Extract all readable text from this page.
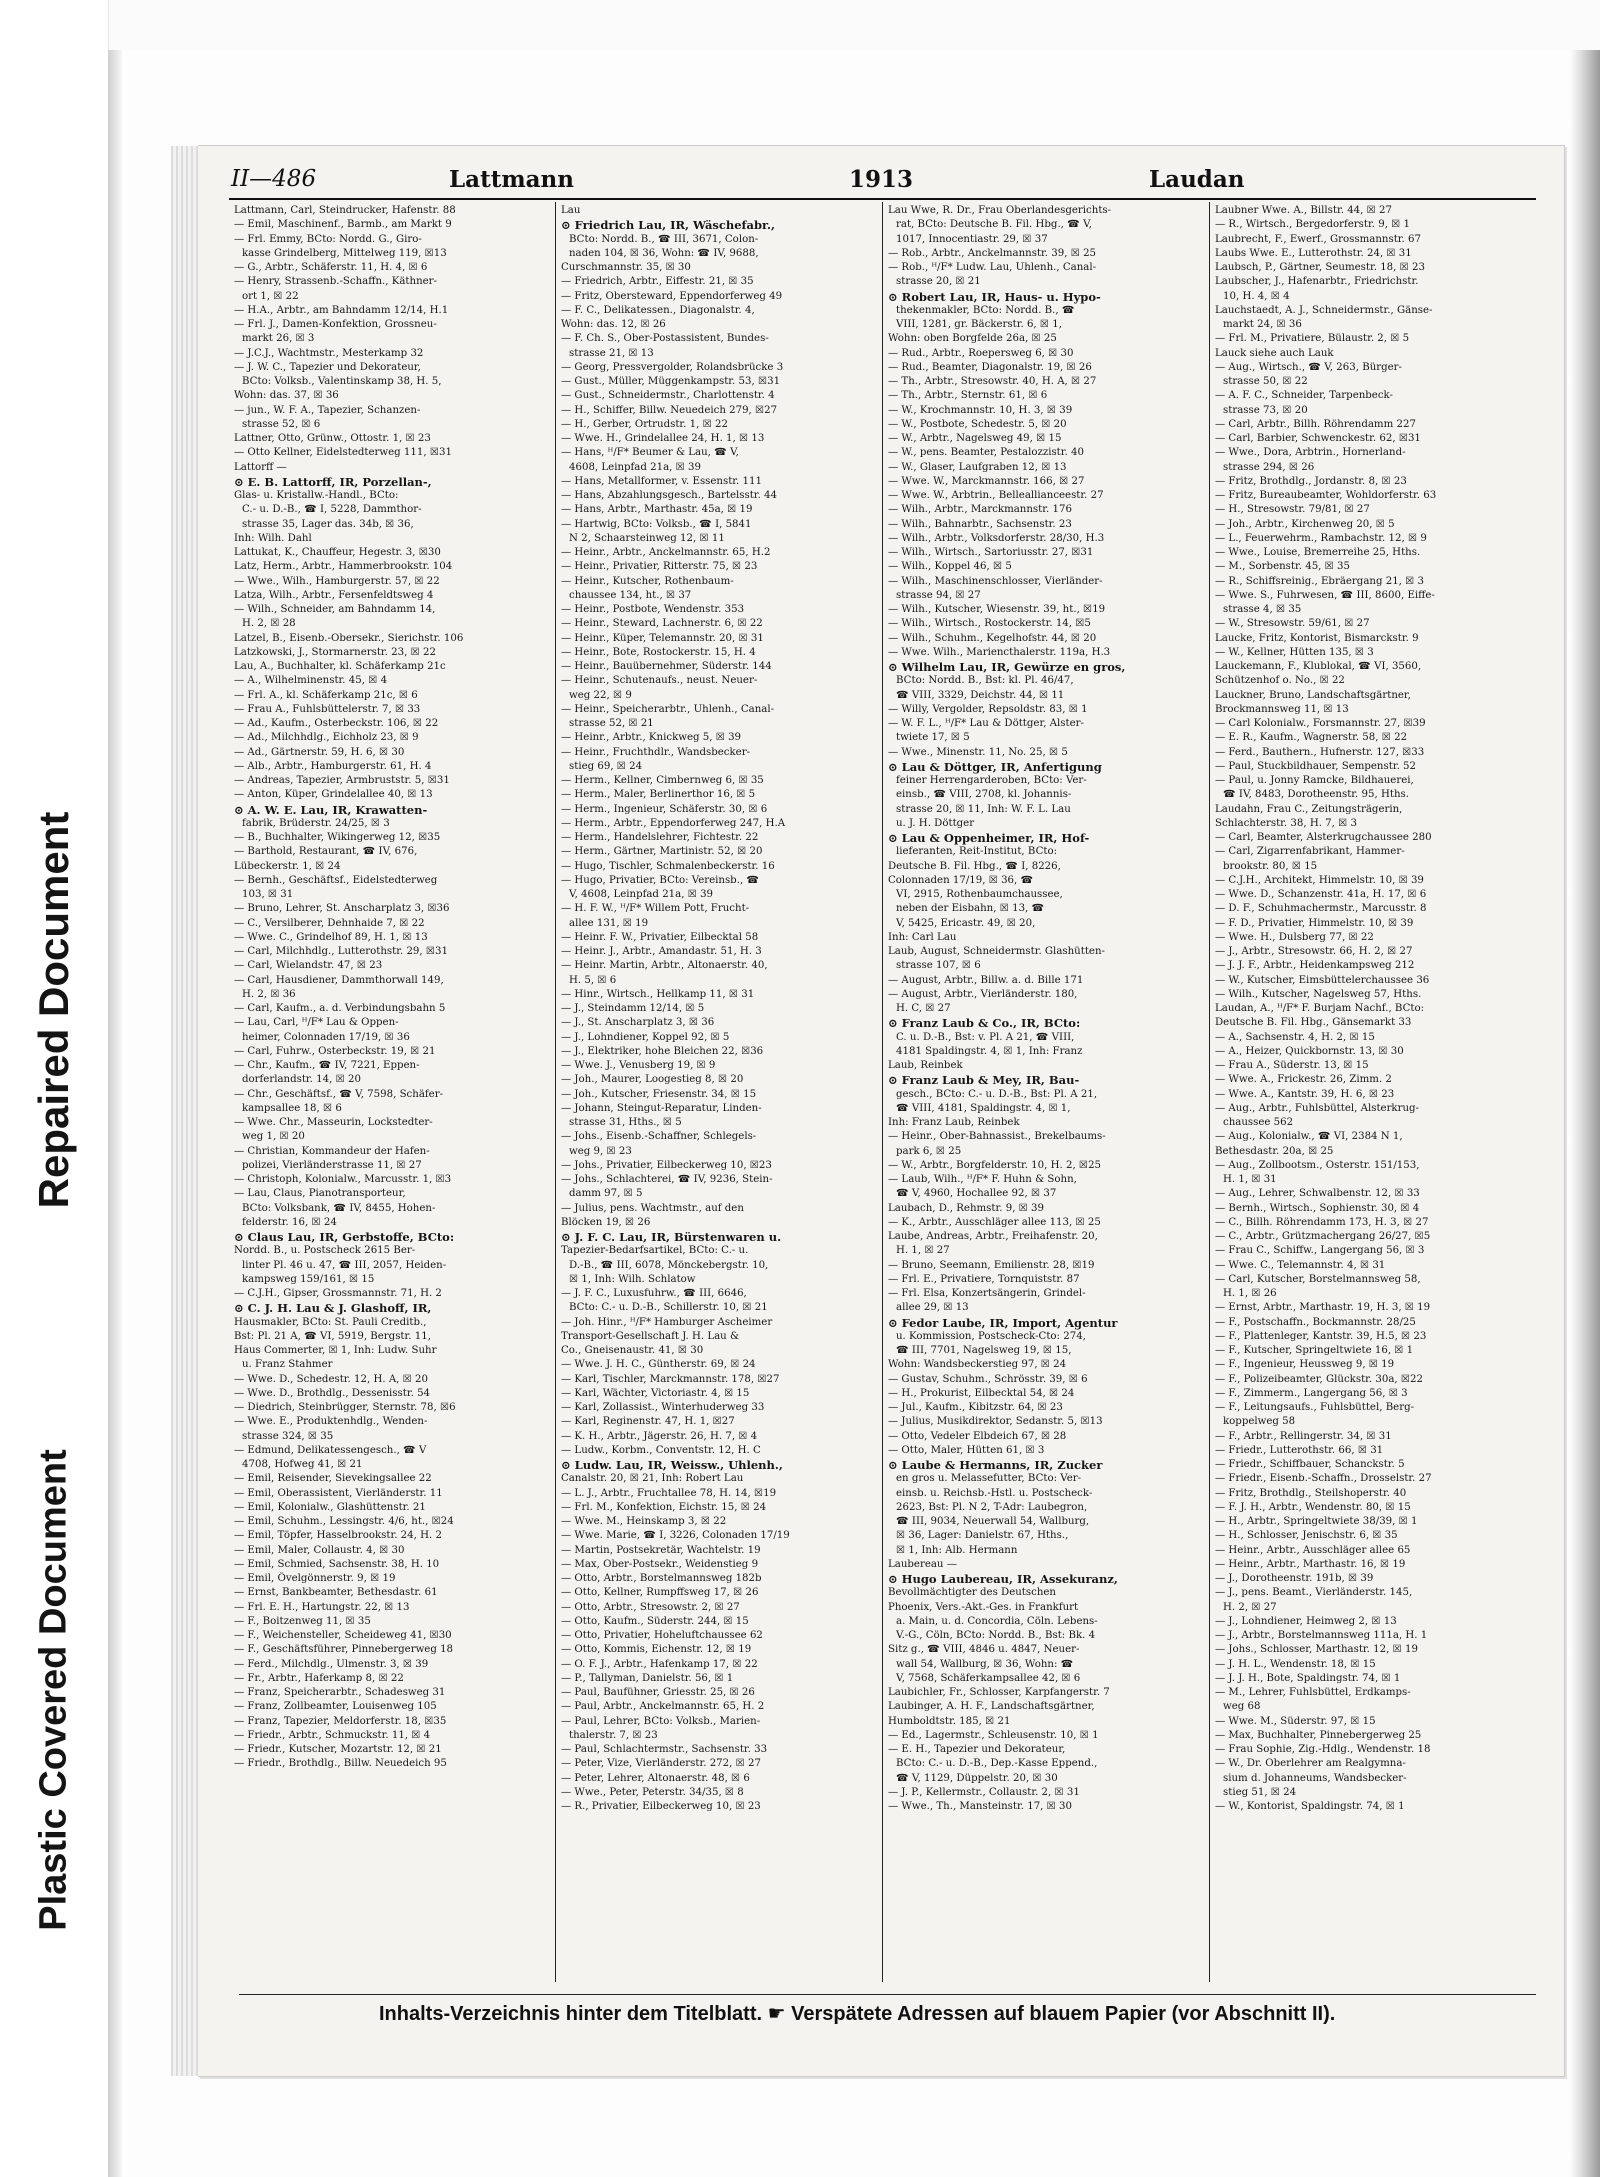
Repaired Document
Plastic Covered Document
II—486	Lattmann	1913	Laudan
Lattmann, Carl, Steindrucker, Hafenstr. 88
— Emil, Maschinenf., Barmb., am Markt 9
— Frl. Emmy, BCto: Nordd. G., Giro-
kasse Grindelberg, Mittelweg 119, ☒13
— G., Arbtr., Schäferstr. 11, H. 4, ☒ 6
— Henry, Strassenb.-Schaffn., Käthner-
ort 1, ☒ 22
— H.A., Arbtr., am Bahndamm 12/14, H.1
— Frl. J., Damen-Konfektion, Grossneu-
markt 26, ☒ 3
— J.C.J., Wachtmstr., Mesterkamp 32
— J. W. C., Tapezier und Dekorateur,
BCto: Volksb., Valentinskamp 38, H. 5,
Wohn: das. 37, ☒ 36
— jun., W. F. A., Tapezier, Schanzen-
strasse 52, ☒ 6
Lattner, Otto, Grünw., Ottostr. 1, ☒ 23
— Otto Kellner, Eidelstedterweg 111, ☒31
Lattorff —
⊙ E. B. Lattorff, IR, Porzellan-,
Glas- u. Kristallw.-Handl., BCto:
C.- u. D.-B., ☎ I, 5228, Dammthor-
strasse 35, Lager das. 34b, ☒ 36,
Inh: Wilh. Dahl
Lattukat, K., Chauffeur, Hegestr. 3, ☒30
Latz, Herm., Arbtr., Hammerbrookstr. 104
— Wwe., Wilh., Hamburgerstr. 57, ☒ 22
Latza, Wilh., Arbtr., Fersenfeldtsweg 4
— Wilh., Schneider, am Bahndamm 14,
H. 2, ☒ 28
Latzel, B., Eisenb.-Obersekr., Sierichstr. 106
Latzkowski, J., Stormarnerstr. 23, ☒ 22
Lau, A., Buchhalter, kl. Schäferkamp 21c
— A., Wilhelminenstr. 45, ☒ 4
— Frl. A., kl. Schäferkamp 21c, ☒ 6
— Frau A., Fuhlsbüttelerstr. 7, ☒ 33
— Ad., Kaufm., Osterbeckstr. 106, ☒ 22
— Ad., Milchhdlg., Eichholz 23, ☒ 9
— Ad., Gärtnerstr. 59, H. 6, ☒ 30
— Alb., Arbtr., Hamburgerstr. 61, H. 4
— Andreas, Tapezier, Armbruststr. 5, ☒31
— Anton, Küper, Grindelallee 40, ☒ 13
⊙ A. W. E. Lau, IR, Krawatten-
fabrik, Brüderstr. 24/25, ☒ 3
— B., Buchhalter, Wikingerweg 12, ☒35
— Barthold, Restaurant, ☎ IV, 676,
Lübeckerstr. 1, ☒ 24
— Bernh., Geschäftsf., Eidelstedterweg
103, ☒ 31
— Bruno, Lehrer, St. Anscharplatz 3, ☒36
— C., Versilberer, Dehnhaide 7, ☒ 22
— Wwe. C., Grindelhof 89, H. 1, ☒ 13
— Carl, Milchhdlg., Lutterothstr. 29, ☒31
— Carl, Wielandstr. 47, ☒ 23
— Carl, Hausdiener, Dammthorwall 149,
H. 2, ☒ 36
— Carl, Kaufm., a. d. Verbindungsbahn 5
— Lau, Carl, ᴴ/F* Lau & Oppen-
heimer, Colonnaden 17/19, ☒ 36
— Carl, Fuhrw., Osterbeckstr. 19, ☒ 21
— Chr., Kaufm., ☎ IV, 7221, Eppen-
dorferlandstr. 14, ☒ 20
— Chr., Geschäftsf., ☎ V, 7598, Schäfer-
kampsallee 18, ☒ 6
— Wwe. Chr., Masseurin, Lockstedter-
weg 1, ☒ 20
— Christian, Kommandeur der Hafen-
polizei, Vierländerstrasse 11, ☒ 27
— Christoph, Kolonialw., Marcusstr. 1, ☒3
— Lau, Claus, Pianotransporteur,
BCto: Volksbank, ☎ IV, 8455, Hohen-
felderstr. 16, ☒ 24
⊙ Claus Lau, IR, Gerbstoffe, BCto:
Nordd. B., u. Postscheck 2615 Ber-
linter Pl. 46 u. 47, ☎ III, 2057, Heiden-
kampsweg 159/161, ☒ 15
— C.J.H., Gipser, Grossmannstr. 71, H. 2
⊙ C. J. H. Lau & J. Glashoff, IR,
Hausmakler, BCto: St. Pauli Creditb.,
Bst: Pl. 21 A, ☎ VI, 5919, Bergstr. 11,
Haus Commerter, ☒ 1, Inh: Ludw. Suhr
u. Franz Stahmer
— Wwe. D., Schedestr. 12, H. A, ☒ 20
— Wwe. D., Brothdlg., Dessenisstr. 54
— Diedrich, Steinbrügger, Sternstr. 78, ☒6
— Wwe. E., Produktenhdlg., Wenden-
strasse 324, ☒ 35
— Edmund, Delikatessengesch., ☎ V
4708, Hofweg 41, ☒ 21
— Emil, Reisender, Sievekingsallee 22
— Emil, Oberassistent, Vierländerstr. 11
— Emil, Kolonialw., Glashüttenstr. 21
— Emil, Schuhm., Lessingstr. 4/6, ht., ☒24
— Emil, Töpfer, Hasselbrookstr. 24, H. 2
— Emil, Maler, Collaustr. 4, ☒ 30
— Emil, Schmied, Sachsenstr. 38, H. 10
— Emil, Övelgönnerstr. 9, ☒ 19
— Ernst, Bankbeamter, Bethesdastr. 61
— Frl. E. H., Hartungstr. 22, ☒ 13
— F., Boitzenweg 11, ☒ 35
— F., Weichensteller, Scheideweg 41, ☒30
— F., Geschäftsführer, Pinnebergerweg 18
— Ferd., Milchdlg., Ulmenstr. 3, ☒ 39
— Fr., Arbtr., Haferkamp 8, ☒ 22
— Franz, Speicherarbtr., Schadesweg 31
— Franz, Zollbeamter, Louisenweg 105
— Franz, Tapezier, Meldorferstr. 18, ☒35
— Friedr., Arbtr., Schmuckstr. 11, ☒ 4
— Friedr., Kutscher, Mozartstr. 12, ☒ 21
— Friedr., Brothdlg., Billw. Neuedeich 95
Lau
⊙ Friedrich Lau, IR, Wäschefabr.,
BCto: Nordd. B., ☎ III, 3671, Colon-
naden 104, ☒ 36, Wohn: ☎ IV, 9688,
Curschmannstr. 35, ☒ 30
— Friedrich, Arbtr., Eiffestr. 21, ☒ 35
— Fritz, Obersteward, Eppendorferweg 49
— F. C., Delikatessen., Diagonalstr. 4,
Wohn: das. 12, ☒ 26
— F. Ch. S., Ober-Postassistent, Bundes-
strasse 21, ☒ 13
— Georg, Pressvergolder, Rolandsbrücke 3
— Gust., Müller, Müggenkampstr. 53, ☒31
— Gust., Schneidermstr., Charlottenstr. 4
— H., Schiffer, Billw. Neuedeich 279, ☒27
— H., Gerber, Ortrudstr. 1, ☒ 22
— Wwe. H., Grindelallee 24, H. 1, ☒ 13
— Hans, ᴴ/F* Beumer & Lau, ☎ V,
4608, Leinpfad 21a, ☒ 39
— Hans, Metallformer, v. Essenstr. 111
— Hans, Abzahlungsgesch., Bartelsstr. 44
— Hans, Arbtr., Marthastr. 45a, ☒ 19
— Hartwig, BCto: Volksb., ☎ I, 5841
N 2, Schaarsteinweg 12, ☒ 11
— Heinr., Arbtr., Anckelmannstr. 65, H.2
— Heinr., Privatier, Ritterstr. 75, ☒ 23
— Heinr., Kutscher, Rothenbaum-
chaussee 134, ht., ☒ 37
— Heinr., Postbote, Wendenstr. 353
— Heinr., Steward, Lachnerstr. 6, ☒ 22
— Heinr., Küper, Telemannstr. 20, ☒ 31
— Heinr., Bote, Rostockerstr. 15, H. 4
— Heinr., Bauübernehmer, Süderstr. 144
— Heinr., Schutenaufs., neust. Neuer-
weg 22, ☒ 9
— Heinr., Speicherarbtr., Uhlenh., Canal-
strasse 52, ☒ 21
— Heinr., Arbtr., Knickweg 5, ☒ 39
— Heinr., Fruchthdlr., Wandsbecker-
stieg 69, ☒ 24
— Herm., Kellner, Cimbernweg 6, ☒ 35
— Herm., Maler, Berlinerthor 16, ☒ 5
— Herm., Ingenieur, Schäferstr. 30, ☒ 6
— Herm., Arbtr., Eppendorferweg 247, H.A
— Herm., Handelslehrer, Fichtestr. 22
— Herm., Gärtner, Martinistr. 52, ☒ 20
— Hugo, Tischler, Schmalenbeckerstr. 16
— Hugo, Privatier, BCto: Vereinsb., ☎
V, 4608, Leinpfad 21a, ☒ 39
— H. F. W., ᴴ/F* Willem Pott, Frucht-
allee 131, ☒ 19
— Heinr. F. W., Privatier, Eilbecktal 58
— Heinr. J., Arbtr., Amandastr. 51, H. 3
— Heinr. Martin, Arbtr., Altonaerstr. 40,
H. 5, ☒ 6
— Hinr., Wirtsch., Hellkamp 11, ☒ 31
— J., Steindamm 12/14, ☒ 5
— J., St. Anscharplatz 3, ☒ 36
— J., Lohndiener, Koppel 92, ☒ 5
— J., Elektriker, hohe Bleichen 22, ☒36
— Wwe. J., Venusberg 19, ☒ 9
— Joh., Maurer, Loogestieg 8, ☒ 20
— Joh., Kutscher, Friesenstr. 34, ☒ 15
— Johann, Steingut-Reparatur, Linden-
strasse 31, Hths., ☒ 5
— Johs., Eisenb.-Schaffner, Schlegels-
weg 9, ☒ 23
— Johs., Privatier, Eilbeckerweg 10, ☒23
— Johs., Schlachterei, ☎ IV, 9236, Stein-
damm 97, ☒ 5
— Julius, pens. Wachtmstr., auf den
Blöcken 19, ☒ 26
⊙ J. F. C. Lau, IR, Bürstenwaren u.
Tapezier-Bedarfsartikel, BCto: C.- u.
D.-B., ☎ III, 6078, Mönckebergstr. 10,
☒ 1, Inh: Wilh. Schlatow
— J. F. C., Luxusfuhrw., ☎ III, 6646,
BCto: C.- u. D.-B., Schillerstr. 10, ☒ 21
— Joh. Hinr., ᴴ/F* Hamburger Ascheimer
Transport-Gesellschaft J. H. Lau &
Co., Gneisenaustr. 41, ☒ 30
— Wwe. J. H. C., Güntherstr. 69, ☒ 24
— Karl, Tischler, Marckmannstr. 178, ☒27
— Karl, Wächter, Victoriastr. 4, ☒ 15
— Karl, Zollassist., Winterhuderweg 33
— Karl, Reginenstr. 47, H. 1, ☒27
— K. H., Arbtr., Jägerstr. 26, H. 7, ☒ 4
— Ludw., Korbm., Conventstr. 12, H. C
⊙ Ludw. Lau, IR, Weissw., Uhlenh.,
Canalstr. 20, ☒ 21, Inh: Robert Lau
— L. J., Arbtr., Fruchtallee 78, H. 14, ☒19
— Frl. M., Konfektion, Eichstr. 15, ☒ 24
— Wwe. M., Heinskamp 3, ☒ 22
— Wwe. Marie, ☎ I, 3226, Colonaden 17/19
— Martin, Postsekretär, Wachtelstr. 19
— Max, Ober-Postsekr., Weidenstieg 9
— Otto, Arbtr., Borstelmannsweg 182b
— Otto, Kellner, Rumpffsweg 17, ☒ 26
— Otto, Arbtr., Stresowstr. 2, ☒ 27
— Otto, Kaufm., Süderstr. 244, ☒ 15
— Otto, Privatier, Hoheluftchaussee 62
— Otto, Kommis, Eichenstr. 12, ☒ 19
— O. F. J., Arbtr., Hafenkamp 17, ☒ 22
— P., Tallyman, Danielstr. 56, ☒ 1
— Paul, Baufühner, Griesstr. 25, ☒ 26
— Paul, Arbtr., Anckelmannstr. 65, H. 2
— Paul, Lehrer, BCto: Volksb., Marien-
thalerstr. 7, ☒ 23
— Paul, Schlachtermstr., Sachsenstr. 33
— Peter, Vize, Vierländerstr. 272, ☒ 27
— Peter, Lehrer, Altonaerstr. 48, ☒ 6
— Wwe., Peter, Peterstr. 34/35, ☒ 8
— R., Privatier, Eilbeckerweg 10, ☒ 23
Lau Wwe, R. Dr., Frau Oberlandesgerichts-
rat, BCto: Deutsche B. Fil. Hbg., ☎ V,
1017, Innocentiastr. 29, ☒ 37
— Rob., Arbtr., Anckelmannstr. 39, ☒ 25
— Rob., ᴴ/F* Ludw. Lau, Uhlenh., Canal-
strasse 20, ☒ 21
⊙ Robert Lau, IR, Haus- u. Hypo-
thekenmakler, BCto: Nordd. B., ☎
VIII, 1281, gr. Bäckerstr. 6, ☒ 1,
Wohn: oben Borgfelde 26a, ☒ 25
— Rud., Arbtr., Roepersweg 6, ☒ 30
— Rud., Beamter, Diagonalstr. 19, ☒ 26
— Th., Arbtr., Stresowstr. 40, H. A, ☒ 27
— Th., Arbtr., Sternstr. 61, ☒ 6
— W., Krochmannstr. 10, H. 3, ☒ 39
— W., Postbote, Schedestr. 5, ☒ 20
— W., Arbtr., Nagelsweg 49, ☒ 15
— W., pens. Beamter, Pestalozzistr. 40
— W., Glaser, Laufgraben 12, ☒ 13
— Wwe. W., Marckmannstr. 166, ☒ 27
— Wwe. W., Arbtrin., Belleallianceestr. 27
— Wilh., Arbtr., Marckmannstr. 176
— Wilh., Bahnarbtr., Sachsenstr. 23
— Wilh., Arbtr., Volksdorferstr. 28/30, H.3
— Wilh., Wirtsch., Sartoriusstr. 27, ☒31
— Wilh., Koppel 46, ☒ 5
— Wilh., Maschinenschlosser, Vierländer-
strasse 94, ☒ 27
— Wilh., Kutscher, Wiesenstr. 39, ht., ☒19
— Wilh., Wirtsch., Rostockerstr. 14, ☒5
— Wilh., Schuhm., Kegelhofstr. 44, ☒ 20
— Wwe. Wilh., Mariencthalerstr. 119a, H.3
⊙ Wilhelm Lau, IR, Gewürze en gros,
BCto: Nordd. B., Bst: kl. Pl. 46/47,
☎ VIII, 3329, Deichstr. 44, ☒ 11
— Willy, Vergolder, Repsoldstr. 83, ☒ 1
— W. F. L., ᴴ/F* Lau & Döttger, Alster-
twiete 17, ☒ 5
— Wwe., Minenstr. 11, No. 25, ☒ 5
⊙ Lau & Döttger, IR, Anfertigung
feiner Herrengarderoben, BCto: Ver-
einsb., ☎ VIII, 2708, kl. Johannis-
strasse 20, ☒ 11, Inh: W. F. L. Lau
u. J. H. Döttger
⊙ Lau & Oppenheimer, IR, Hof-
lieferanten, Reit-Institut, BCto:
Deutsche B. Fil. Hbg., ☎ I, 8226,
Colonnaden 17/19, ☒ 36, ☎
VI, 2915, Rothenbaumchaussee,
neben der Eisbahn, ☒ 13, ☎
V, 5425, Ericastr. 49, ☒ 20,
Inh: Carl Lau
Laub, August, Schneidermstr. Glashütten-
strasse 107, ☒ 6
— August, Arbtr., Billw. a. d. Bille 171
— August, Arbtr., Vierländerstr. 180,
H. C, ☒ 27
⊙ Franz Laub & Co., IR, BCto:
C. u. D.-B., Bst: v. Pl. A 21, ☎ VIII,
4181 Spaldingstr. 4, ☒ 1, Inh: Franz
Laub, Reinbek
⊙ Franz Laub & Mey, IR, Bau-
gesch., BCto: C.- u. D.-B., Bst: Pl. A 21,
☎ VIII, 4181, Spaldingstr. 4, ☒ 1,
Inh: Franz Laub, Reinbek
— Heinr., Ober-Bahnassist., Brekelbaums-
park 6, ☒ 25
— W., Arbtr., Borgfelderstr. 10, H. 2, ☒25
— Laub, Wilh., ᴴ/F* F. Huhn & Sohn,
☎ V, 4960, Hochallee 92, ☒ 37
Laubach, D., Rehmstr. 9, ☒ 39
— K., Arbtr., Ausschläger allee 113, ☒ 25
Laube, Andreas, Arbtr., Freihafenstr. 20,
H. 1, ☒ 27
— Bruno, Seemann, Emilienstr. 28, ☒19
— Frl. E., Privatiere, Tornquiststr. 87
— Frl. Elsa, Konzertsängerin, Grindel-
allee 29, ☒ 13
⊙ Fedor Laube, IR, Import, Agentur
u. Kommission, Postscheck-Cto: 274,
☎ III, 7701, Nagelsweg 19, ☒ 15,
Wohn: Wandsbeckerstieg 97, ☒ 24
— Gustav, Schuhm., Schrösstr. 39, ☒ 6
— H., Prokurist, Eilbecktal 54, ☒ 24
— Jul., Kaufm., Kibitzstr. 64, ☒ 23
— Julius, Musikdirektor, Sedanstr. 5, ☒13
— Otto, Vedeler Elbdeich 67, ☒ 28
— Otto, Maler, Hütten 61, ☒ 3
⊙ Laube & Hermanns, IR, Zucker
en gros u. Melassefutter, BCto: Ver-
einsb. u. Reichsb.-Hstl. u. Postscheck-
2623, Bst: Pl. N 2, T-Adr: Laubegron,
☎ III, 9034, Neuerwall 54, Wallburg,
☒ 36, Lager: Danielstr. 67, Hths.,
☒ 1, Inh: Alb. Hermann
Laubereau —
⊙ Hugo Laubereau, IR, Assekuranz,
Bevollmächtigter des Deutschen
Phoenix, Vers.-Akt.-Ges. in Frankfurt
a. Main, u. d. Concordia, Cöln. Lebens-
V.-G., Cöln, BCto: Nordd. B., Bst: Bk. 4
Sitz g., ☎ VIII, 4846 u. 4847, Neuer-
wall 54, Wallburg, ☒ 36, Wohn: ☎
V, 7568, Schäferkampsallee 42, ☒ 6
Laubichler, Fr., Schlosser, Karpfangerstr. 7
Laubinger, A. H. F., Landschaftsgärtner,
Humboldtstr. 185, ☒ 21
— Ed., Lagermstr., Schleusenstr. 10, ☒ 1
— E. H., Tapezier und Dekorateur,
BCto: C.- u. D.-B., Dep.-Kasse Eppend.,
☎ V, 1129, Düppelstr. 20, ☒ 30
— J. P., Kellermstr., Collaustr. 2, ☒ 31
— Wwe., Th., Mansteinstr. 17, ☒ 30
Laubner Wwe. A., Billstr. 44, ☒ 27
— R., Wirtsch., Bergedorferstr. 9, ☒ 1
Laubrecht, F., Ewerf., Grossmannstr. 67
Laubs Wwe. E., Lutterothstr. 24, ☒ 31
Laubsch, P., Gärtner, Seumestr. 18, ☒ 23
Laubscher, J., Hafenarbtr., Friedrichstr.
10, H. 4, ☒ 4
Lauchstaedt, A. J., Schneidermstr., Gänse-
markt 24, ☒ 36
— Frl. M., Privatiere, Bülaustr. 2, ☒ 5
Lauck siehe auch Lauk
— Aug., Wirtsch., ☎ V, 263, Bürger-
strasse 50, ☒ 22
— A. F. C., Schneider, Tarpenbeck-
strasse 73, ☒ 20
— Carl, Arbtr., Billh. Röhrendamm 227
— Carl, Barbier, Schwenckestr. 62, ☒31
— Wwe., Dora, Arbtrin., Hornerland-
strasse 294, ☒ 26
— Fritz, Brothdlg., Jordanstr. 8, ☒ 23
— Fritz, Bureaubeamter, Wohldorferstr. 63
— H., Stresowstr. 79/81, ☒ 27
— Joh., Arbtr., Kirchenweg 20, ☒ 5
— L., Feuerwehrm., Rambachstr. 12, ☒ 9
— Wwe., Louise, Bremerreihe 25, Hths.
— M., Sorbenstr. 45, ☒ 35
— R., Schiffsreinig., Ebräergang 21, ☒ 3
— Wwe. S., Fuhrwesen, ☎ III, 8600, Eiffe-
strasse 4, ☒ 35
— W., Stresowstr. 59/61, ☒ 27
Laucke, Fritz, Kontorist, Bismarckstr. 9
— W., Kellner, Hütten 135, ☒ 3
Lauckemann, F., Klublokal, ☎ VI, 3560,
Schützenhof o. No., ☒ 22
Lauckner, Bruno, Landschaftsgärtner,
Brockmannsweg 11, ☒ 13
— Carl Kolonialw., Forsmannstr. 27, ☒39
— E. R., Kaufm., Wagnerstr. 58, ☒ 22
— Ferd., Bauthern., Hufnerstr. 127, ☒33
— Paul, Stuckbildhauer, Sempenstr. 52
— Paul, u. Jonny Ramcke, Bildhauerei,
☎ IV, 8483, Dorotheenstr. 95, Hths.
Laudahn, Frau C., Zeitungsträgerin,
Schlachterstr. 38, H. 7, ☒ 3
— Carl, Beamter, Alsterkrugchaussee 280
— Carl, Zigarrenfabrikant, Hammer-
brookstr. 80, ☒ 15
— C.J.H., Architekt, Himmelstr. 10, ☒ 39
— Wwe. D., Schanzenstr. 41a, H. 17, ☒ 6
— D. F., Schuhmachermstr., Marcusstr. 8
— F. D., Privatier, Himmelstr. 10, ☒ 39
— Wwe. H., Dulsberg 77, ☒ 22
— J., Arbtr., Stresowstr. 66, H. 2, ☒ 27
— J. J. F., Arbtr., Heidenkampsweg 212
— W., Kutscher, Eimsbüttelerchaussee 36
— Wilh., Kutscher, Nagelsweg 57, Hths.
Laudan, A., ᴴ/F* F. Burjam Nachf., BCto:
Deutsche B. Fil. Hbg., Gänsemarkt 33
— A., Sachsenstr. 4, H. 2, ☒ 15
— A., Heizer, Quickbornstr. 13, ☒ 30
— Frau A., Süderstr. 13, ☒ 15
— Wwe. A., Frickestr. 26, Zimm. 2
— Wwe. A., Kantstr. 39, H. 6, ☒ 23
— Aug., Arbtr., Fuhlsbüttel, Alsterkrug-
chaussee 562
— Aug., Kolonialw., ☎ VI, 2384 N 1,
Bethesdastr. 20a, ☒ 25
— Aug., Zollbootsm., Osterstr. 151/153,
H. 1, ☒ 31
— Aug., Lehrer, Schwalbenstr. 12, ☒ 33
— Bernh., Wirtsch., Sophienstr. 30, ☒ 4
— C., Billh. Röhrendamm 173, H. 3, ☒ 27
— C., Arbtr., Grützmachergang 26/27, ☒5
— Frau C., Schiffw., Langergang 56, ☒ 3
— Wwe. C., Telemannstr. 4, ☒ 31
— Carl, Kutscher, Borstelmannsweg 58,
H. 1, ☒ 26
— Ernst, Arbtr., Marthastr. 19, H. 3, ☒ 19
— F., Postschaffn., Bockmannstr. 28/25
— F., Plattenleger, Kantstr. 39, H.5, ☒ 23
— F., Kutscher, Springeltwiete 16, ☒ 1
— F., Ingenieur, Heussweg 9, ☒ 19
— F., Polizeibeamter, Glückstr. 30a, ☒22
— F., Zimmerm., Langergang 56, ☒ 3
— F., Leitungsaufs., Fuhlsbüttel, Berg-
koppelweg 58
— F., Arbtr., Rellingerstr. 34, ☒ 31
— Friedr., Lutterothstr. 66, ☒ 31
— Friedr., Schiffbauer, Schanckstr. 5
— Friedr., Eisenb.-Schaffn., Drosselstr. 27
— Fritz, Brothdlg., Steilshoperstr. 40
— F. J. H., Arbtr., Wendenstr. 80, ☒ 15
— H., Arbtr., Springeltwiete 38/39, ☒ 1
— H., Schlosser, Jenischstr. 6, ☒ 35
— Heinr., Arbtr., Ausschläger allee 65
— Heinr., Arbtr., Marthastr. 16, ☒ 19
— J., Dorotheenstr. 191b, ☒ 39
— J., pens. Beamt., Vierländerstr. 145,
H. 2, ☒ 27
— J., Lohndiener, Heimweg 2, ☒ 13
— J., Arbtr., Borstelmannsweg 111a, H. 1
— Johs., Schlosser, Marthastr. 12, ☒ 19
— J. H. L., Wendenstr. 18, ☒ 15
— J. J. H., Bote, Spaldingstr. 74, ☒ 1
— M., Lehrer, Fuhlsbüttel, Erdkamps-
weg 68
— Wwe. M., Süderstr. 97, ☒ 15
— Max, Buchhalter, Pinnebergerweg 25
— Frau Sophie, Zig.-Hdlg., Wendenstr. 18
— W., Dr. Oberlehrer am Realgymna-
sium d. Johanneums, Wandsbecker-
stieg 51, ☒ 24
— W., Kontorist, Spaldingstr. 74, ☒ 1
Inhalts-Verzeichnis hinter dem Titelblatt. ☛ Verspätete Adressen auf blauem Papier (vor Abschnitt II).
